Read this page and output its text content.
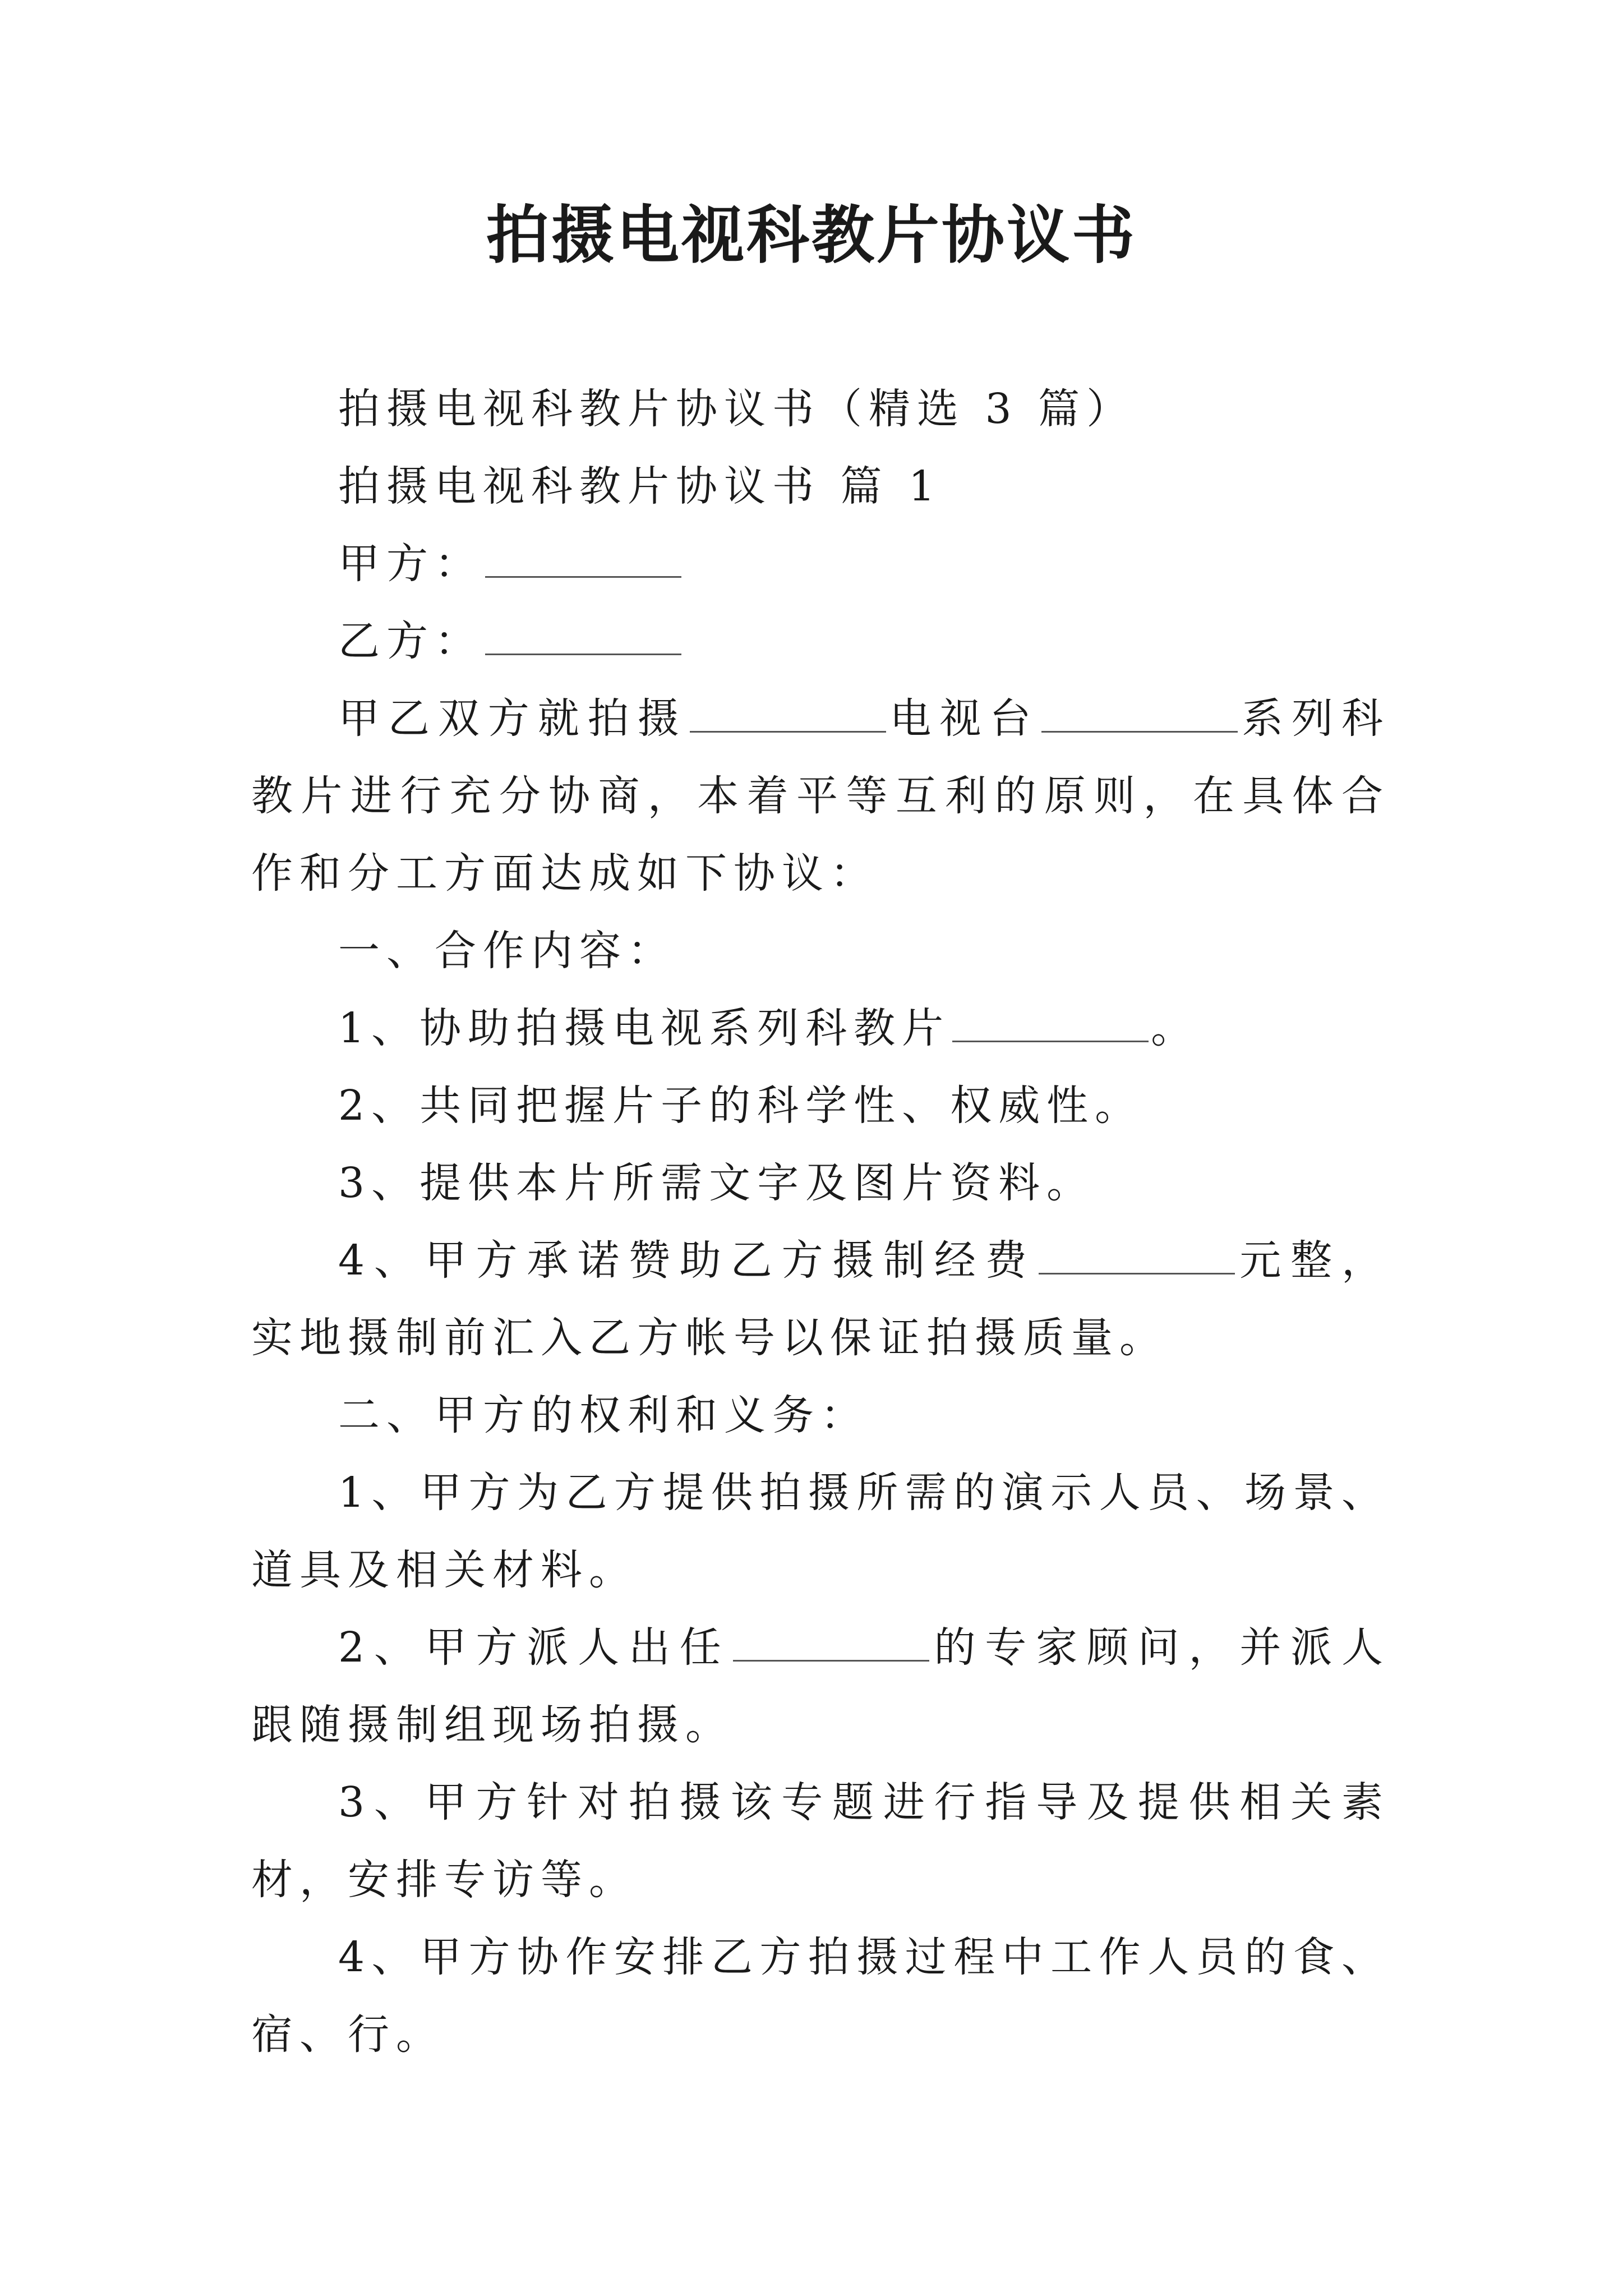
拍摄电视科教片协议书

拍摄电视科教片协议书（精选 3 篇）

拍摄电视科教片协议书 篇 1

甲方：

乙方：

甲乙双方就拍摄	电视台	系列科教片进行充分协商，本着平等互利的原则，在具体合作和分工方面达成如下协议：

一、合作内容：

1、协助拍摄电视系列科教片	。

2、共同把握片子的科学性、权威性。

3、提供本片所需文字及图片资料。

4、甲方承诺赞助乙方摄制经费	元整，实地摄制前汇入乙方帐号以保证拍摄质量。

二、甲方的权利和义务：

1、甲方为乙方提供拍摄所需的演示人员、场景、道具及相关材料。

2、甲方派人出任	的专家顾问，并派人跟随摄制组现场拍摄。

3、甲方针对拍摄该专题进行指导及提供相关素材，安排专访等。

4、甲方协作安排乙方拍摄过程中工作人员的食、宿、行。
